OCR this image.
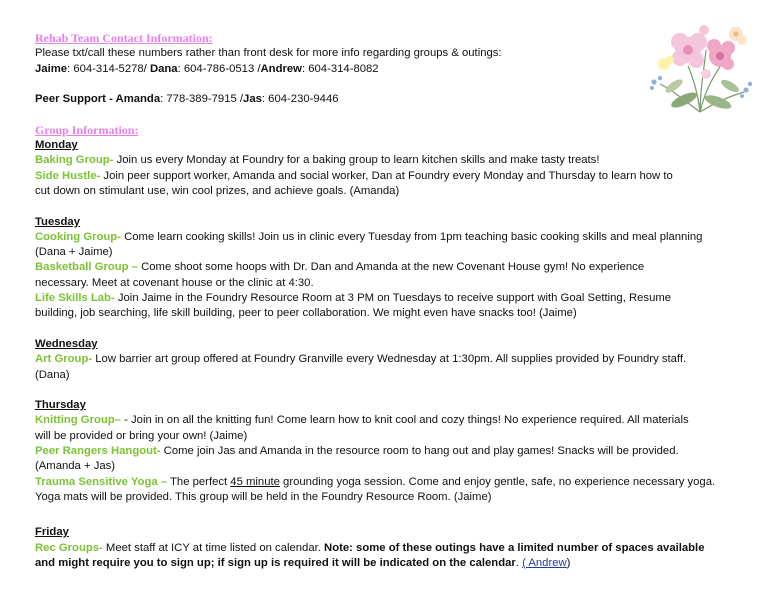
Rehab Team Contact Information:
Please txt/call these numbers rather than front desk for more info regarding groups & outings:
Jaime: 604-314-5278/ Dana: 604-786-0513 /Andrew: 604-314-8082
Peer Support - Amanda: 778-389-7915 /Jas: 604-230-9446
Group Information:
Monday
Baking Group- Join us every Monday at Foundry for a baking group to learn kitchen skills and make tasty treats!
Side Hustle- Join peer support worker, Amanda and social worker, Dan at Foundry every Monday and Thursday to learn how to
cut down on stimulant use, win cool prizes, and achieve goals. (Amanda)
Tuesday
Cooking Group- Come learn cooking skills! Join us in clinic every Tuesday from 1pm teaching basic cooking skills and meal planning
(Dana + Jaime)
Basketball Group – Come shoot some hoops with Dr. Dan and Amanda at the new Covenant House gym! No experience
necessary. Meet at covenant house or the clinic at 4:30.
Life Skills Lab- Join Jaime in the Foundry Resource Room at 3 PM on Tuesdays to receive support with Goal Setting, Resume
building, job searching, life skill building, peer to peer collaboration. We might even have snacks too! (Jaime)
Wednesday
Art Group- Low barrier art group offered at Foundry Granville every Wednesday at 1:30pm. All supplies provided by Foundry staff.
(Dana)
Thursday
Knitting Group– - Join in on all the knitting fun! Come learn how to knit cool and cozy things! No experience required. All materials
will be provided or bring your own! (Jaime)
Peer Rangers Hangout- Come join Jas and Amanda in the resource room to hang out and play games! Snacks will be provided.
(Amanda + Jas)
Trauma Sensitive Yoga – The perfect 45 minute grounding yoga session. Come and enjoy gentle, safe, no experience necessary yoga.
Yoga mats will be provided. This group will be held in the Foundry Resource Room. (Jaime)
Friday
Rec Groups- Meet staff at ICY at time listed on calendar. Note: some of these outings have a limited number of spaces available
and might require you to sign up; if sign up is required it will be indicated on the calendar. ( Andrew)
